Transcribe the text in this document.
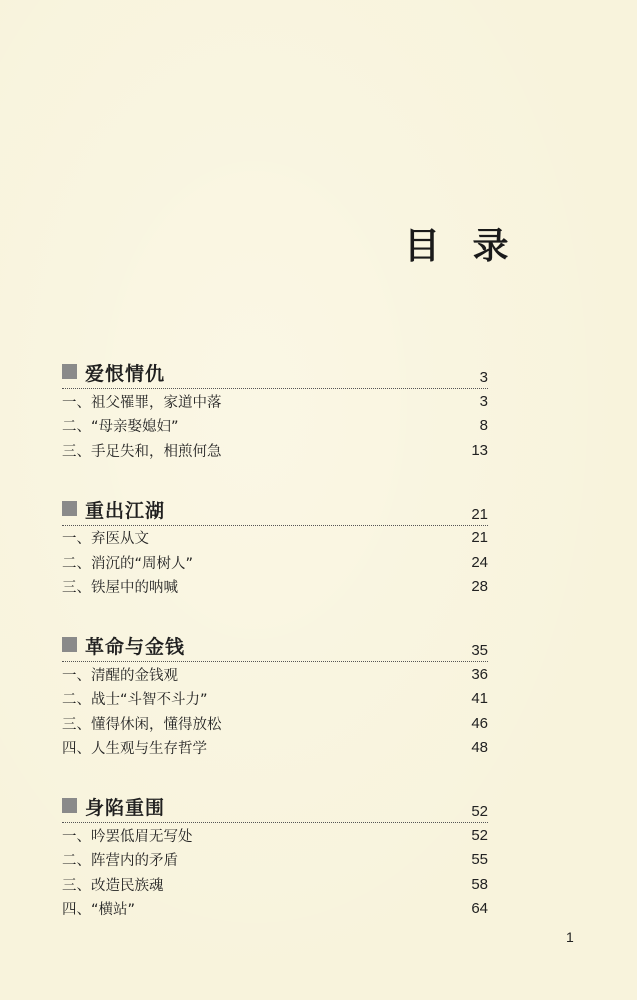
目 录
爱恨情仇	3
一、祖父罹罪，家道中落	3
二、“母亲娶媳妇”	8
三、手足失和，相煎何急	13
重出江湖	21
一、弃医从文	21
二、消沉的“周树人”	24
三、铁屋中的呐喊	28
革命与金钱	35
一、清醒的金钱观	36
二、战士“斗智不斗力”	41
三、懂得休闲，懂得放松	46
四、人生观与生存哲学	48
身陷重围	52
一、吟罢低眉无写处	52
二、阵营内的矛盾	55
三、改造民族魂	58
四、“横站”	64
1
